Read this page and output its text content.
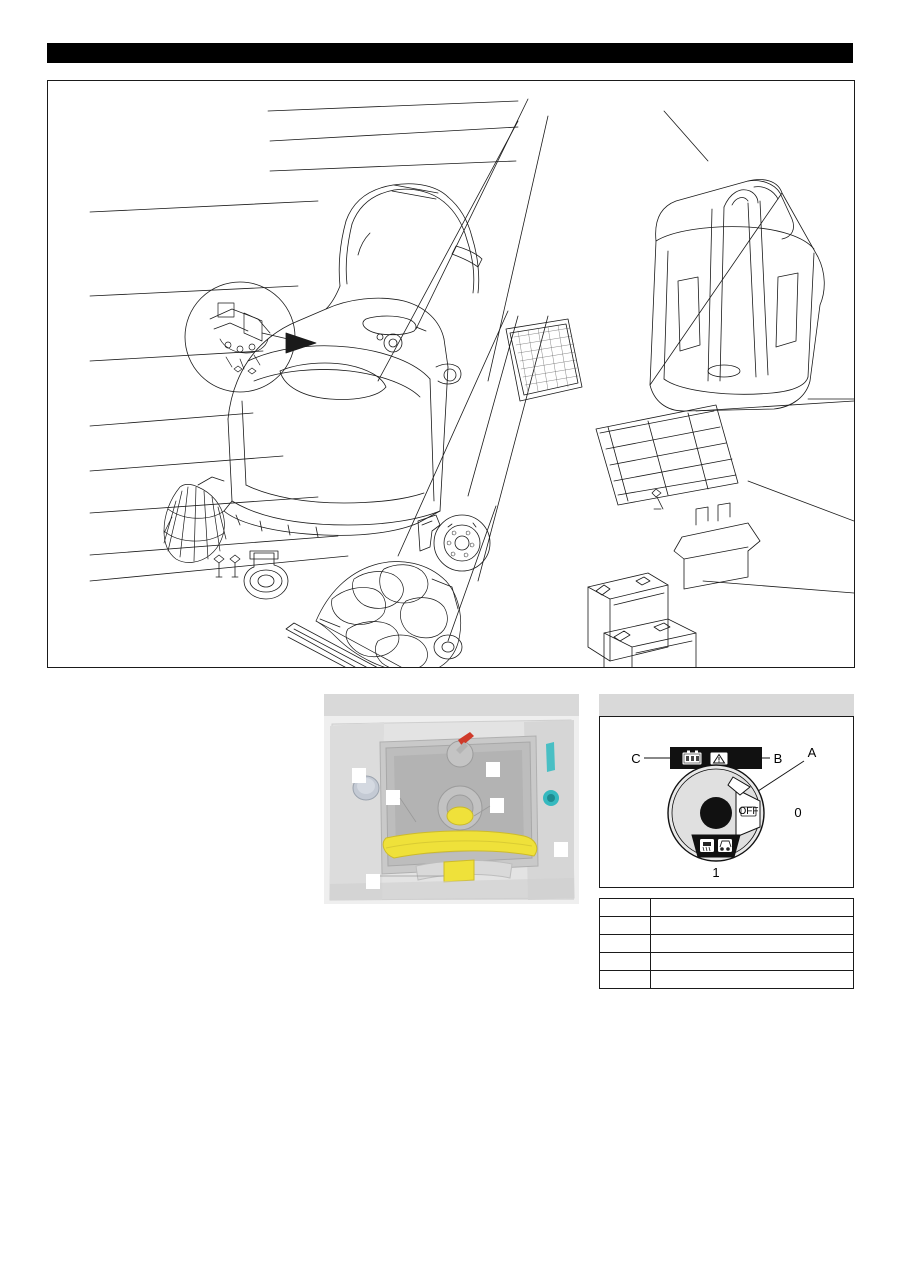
C	B A
OFF	0
1
